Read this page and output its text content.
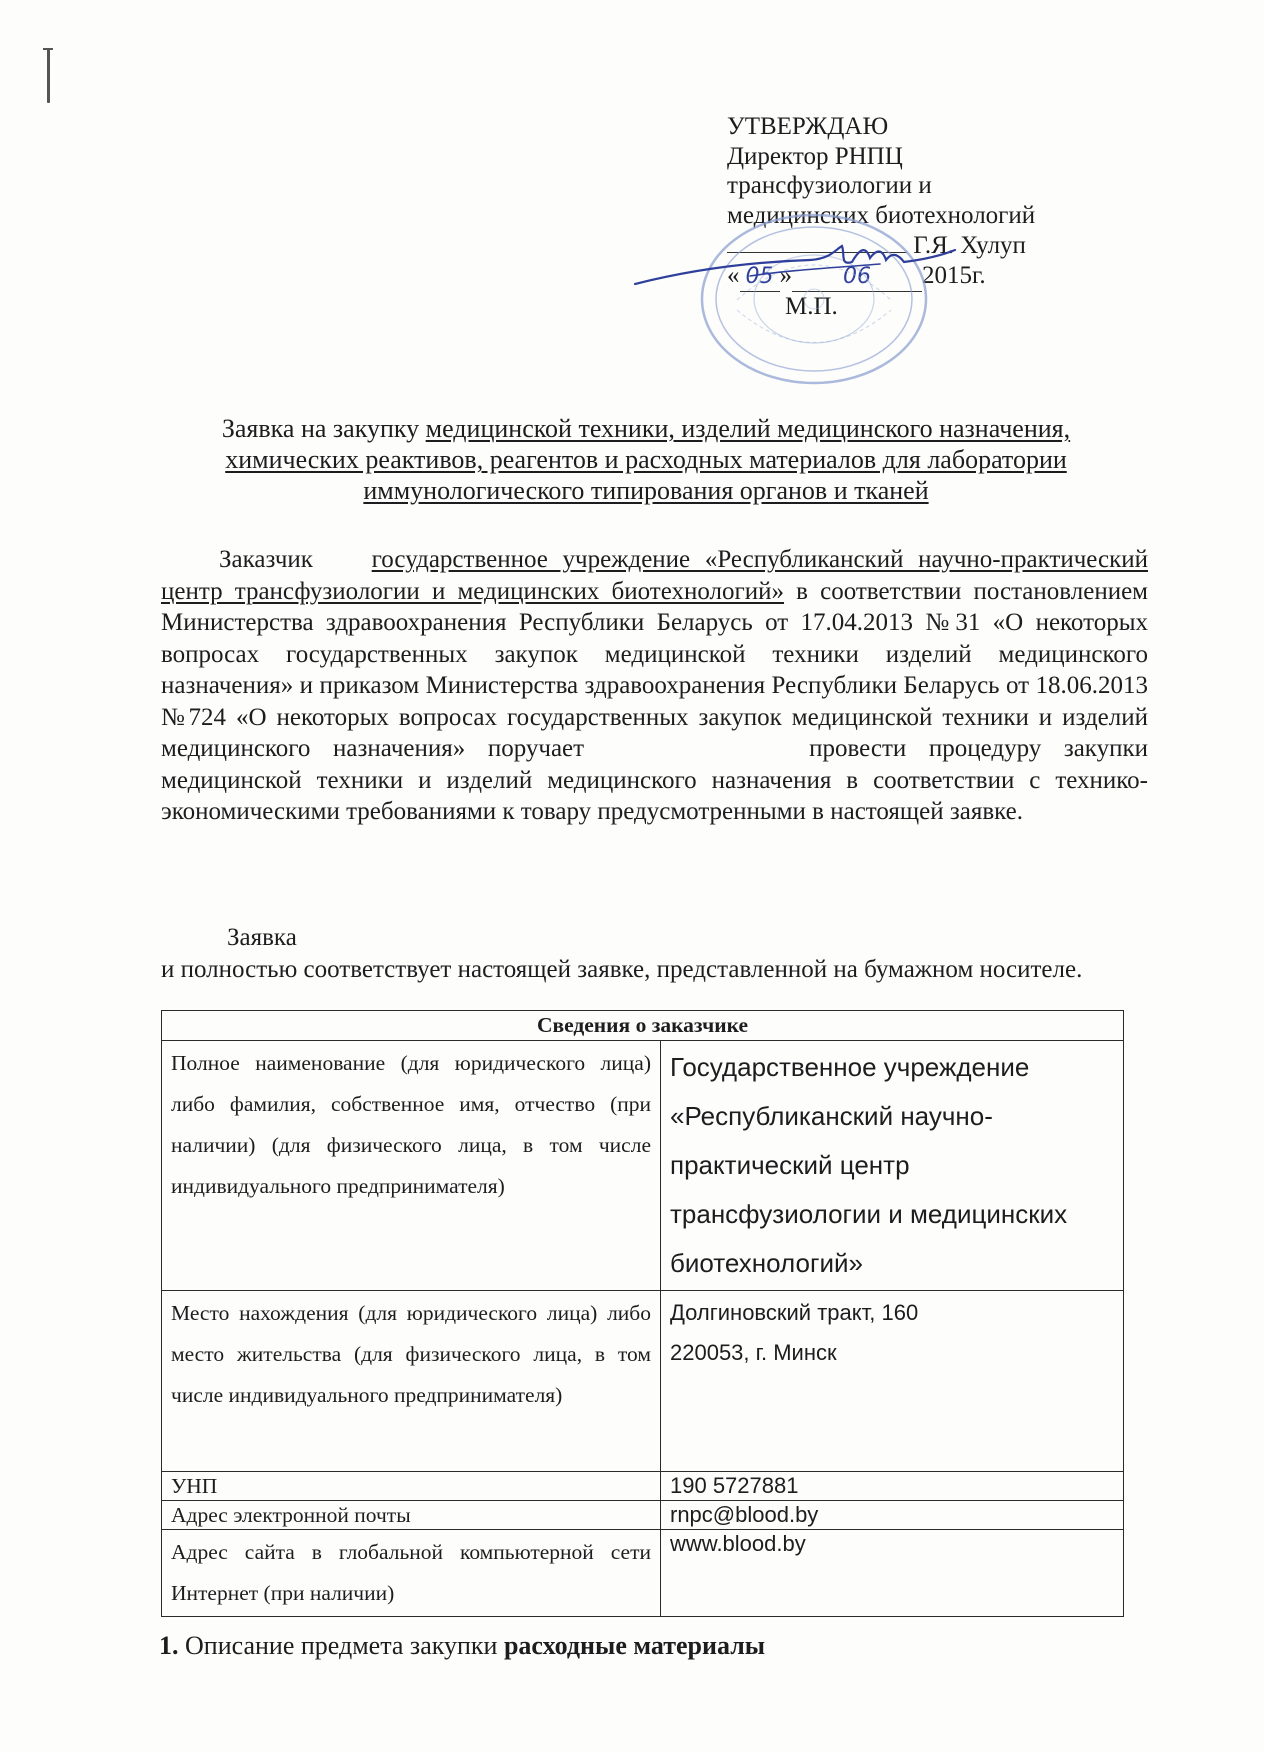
УТВЕРЖДАЮ
Директор РНПЦ
трансфузиологии и
медицинских биотехнологий
Г.Я. Хулуп
« 05 » 06 2015г.
М.П.
Заявка на закупку медицинской техники, изделий медицинского назначения,
химических реактивов, реагентов и расходных материалов для лаборатории
иммунологического типирования органов и тканей
Заказчик государственное учреждение «Республиканский научно-практический центр трансфузиологии и медицинских биотехнологий» в соответствии постановлением Министерства здравоохранения Республики Беларусь от 17.04.2013 №31 «О некоторых вопросах государственных закупок медицинской техники изделий медицинского назначения» и приказом Министерства здравоохранения Республики Беларусь от 18.06.2013 №724 «О некоторых вопросах государственных закупок медицинской техники и изделий медицинского назначения» поручает	провести процедуру закупки медицинской техники и изделий медицинского назначения в соответствии с технико-экономическими требованиями к товару предусмотренными в настоящей заявке.
Заявка
и полностью соответствует настоящей заявке, представленной на бумажном носителе.
Сведения о заказчике	
Полное наименование (для юридического лица) либо фамилия, собственное имя, отчество (при наличии) (для физического лица, в том числе индивидуального предпринимателя)	Государственное учреждение
«Республиканский научно-
практический центр
трансфузиологии и медицинских
биотехнологий»

Место нахождения (для юридического лица) либо место жительства (для физического лица, в том числе индивидуального предпринимателя)	Долгиновский тракт, 160
220053, г. Минск

УНП	190 5727881
Адрес электронной почты	rnpc@blood.by
Адрес сайта в глобальной компьютерной сети Интернет (при наличии)	www.blood.by
1. Описание предмета закупки расходные материалы
